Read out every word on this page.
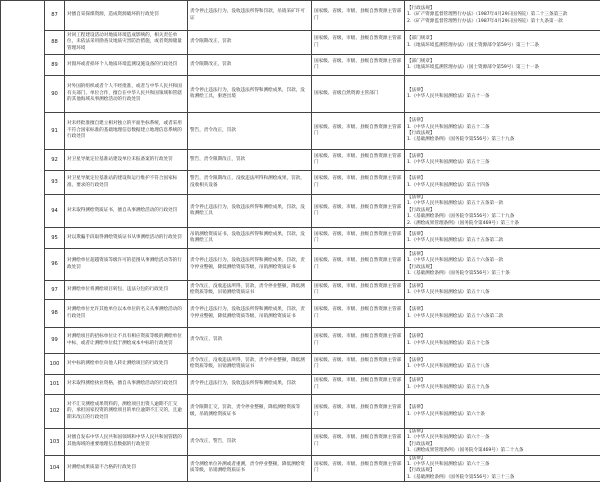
	87	对擅自采探煤资源，造成资源破坏的行政处罚	责令停止违法行为，没收违法所得和罚款，吊销采矿许可证	国家级、省级、市级、县级自然资源主管部门	【行政法规】
1.《矿产资源监督管理暂行办法》（1987年4月29日国务院）第二十三条第三款
2.《矿产资源监督管理暂行办法》（1987年4月29日国务院）第十九条第一款

	88	对回工程建设活动对地质环境造成影响的，相关责任单位，未依法采用勘查及地质灾害防治措施，或者资源储量管理环境	责令限期改正，罚款	国家级、省级、市级、县级自然资源主管部门	【部门规章】
1.《地质环境监测管理办法》（国土资源部令第59号）第三十二条

	89	对毁坏或者损坏个人地质环境监测设施设备的行政处罚	责令限期改正，罚款	国家级、省级、市级、县级自然资源主管部门	【部门规章】
1.《地质环境监测管理办法》（国土资源部令第59号）第三十一条

	90	对外国的组织或者个人不经批准，或者与中华人民共和国有关部门、单位合作，擅自在中华人民共和国领域和管辖的其他海域从事测绘活动的行政处罚	责令停止违法行为，没收违法所得和测绘成果，罚款，没收测绘工具，驱逐出境	国家级、省级自然资源主管部门	【法律】
1.《中华人民共和国测绘法》第五十一条

	91	对未经批准擅自建立相对独立的平面坐标系统，或者采用不符合国家标准的基础地理信息数据建立地理信息系统的行政处罚	警告，责令改正，罚款	国家级、省级、市级、县级自然资源主管部门	【法律】
1.《中华人民共和国测绘法》第五十二条
【行政法规】
1.《基础测绘条例》（国务院令第556号）第三十九条

	92	对卫星导航定位基准站建设单位未报备案的行政处罚	警告，责令限期改正，罚款	国家级、省级、市级、县级自然资源主管部门	【法律】
1.《中华人民共和国测绘法》第五十三条

	93	对卫星导航定位基准站的建设和运行维护不符合国家标准、要求的行政处罚	警告，责令限期改正，没收违法所得和测绘成果，罚款，没收相关设备	国家级、省级、市级、县级自然资源主管部门	【法律】
1.《中华人民共和国测绘法》第五十四条

	94	对未取得测绘资质证书，擅自从事测绘活动的行政处罚	责令停止违法行为，没收违法所得和测绘成果，罚款，没收测绘工具	国家级、省级、市级、县级自然资源主管部门	【法律】
1.《中华人民共和国测绘法》第五十五条第一款
【行政法规】
1.《基础测绘条例》（国务院令第556号）第二十九条
2.《测绘成果管理条例》（国务院令第469号）第三十条

	95	对以欺骗手段取得测绘资质证书从事测绘活动的行政处罚	吊销测绘资质证书，没收违法所得和测绘成果，罚款，没收测绘工具	国家级、省级、市级、县级自然资源主管部门	【法律】
1.《中华人民共和国测绘法》第五十五条第二款

	96	对测绘单位超越资质等级许可的范围从事测绘活动等的行政处罚	责令停止违法行为，没收违法所得和测绘成果，罚款，责令停业整顿，降低测绘资质等级，吊销测绘资质证书	国家级、省级、市级、县级自然资源主管部门	【法律】
1.《中华人民共和国测绘法》第五十六条第一款
【行政法规】
1.《基础测绘条例》（国务院令第556号）第三十条

	97	对测绘单位将测绘项目转包、违法分包的行政处罚	责令改正，没收违法所得，罚款，责令停业整顿，降低测绘资质等级，吊销测绘资质证书	国家级、省级、市级、县级自然资源主管部门	【法律】
1.《中华人民共和国测绘法》第五十八条

	98	对测绘单位允许其他单位以本单位的名义从事测绘活动的行政处罚	责令停止违法行为，没收违法所得和测绘成果，罚款，责令停业整顿，降低测绘资质等级，吊销测绘资质证书	国家级、省级、市级、县级自然资源主管部门	【法律】
1.《中华人民共和国测绘法》第五十六条第二款

	99	对测绘项目的招标单位让不具有相应资质等级的测绘单位中标，或者让测绘单位低于测绘成本中标的行政处罚	责令改正，罚款	国家级、省级、市级、县级自然资源主管部门	【法律】
1.《中华人民共和国测绘法》第五十七条

	100	对中标的测绘单位向他人转让测绘项目的行政处罚	责令改正，没收违法所得，罚款，责令停业整顿，降低测绘资质等级，吊销测绘资质证书	国家级、省级、市级、县级自然资源主管部门	【法律】
1.《中华人民共和国测绘法》第五十八条

	101	对未取得测绘执业资格，擅自从事测绘活动的行政处罚	责令停止违法行为，没收违法所得和测绘成果，罚款	国家级、省级、市级、县级自然资源主管部门	【法律】
1.《中华人民共和国测绘法》第五十九条

	102	对不汇交测绘成果资料的，测绘项目出资人逾期不汇交的，承担国家投资的测绘项目的单位逾期不汇交的，且逾期未改正的行政处罚	责令限期汇交，罚款，责令停业整顿，降低测绘资质等级，吊销测绘资质证书	国家级、省级、市级、县级自然资源主管部门	【法律】
1.《中华人民共和国测绘法》第六十条

	103	对擅自发布中华人民共和国领域和中华人民共和国管辖的其他海域的重要地理信息数据的行政处罚	责令改正，警告，罚款	国家级、省级、市级、县级自然资源主管部门	【法律】
1.《中华人民共和国测绘法》第六十一条
【行政法规】
1.《测绘成果管理条例》（国务院令第469号）第二十九条

	104	对测绘成果质量不合格的行政处罚	责令测绘单位补测或者重测，责令停业整顿，降低测绘资质等级，吊销测绘资质证书	国家级、省级、市级、县级自然资源主管部门	【法律】
1.《中华人民共和国测绘法》第六十三条
【行政法规】
1.《基础测绘条例》（国务院令第556号）第三十三条
